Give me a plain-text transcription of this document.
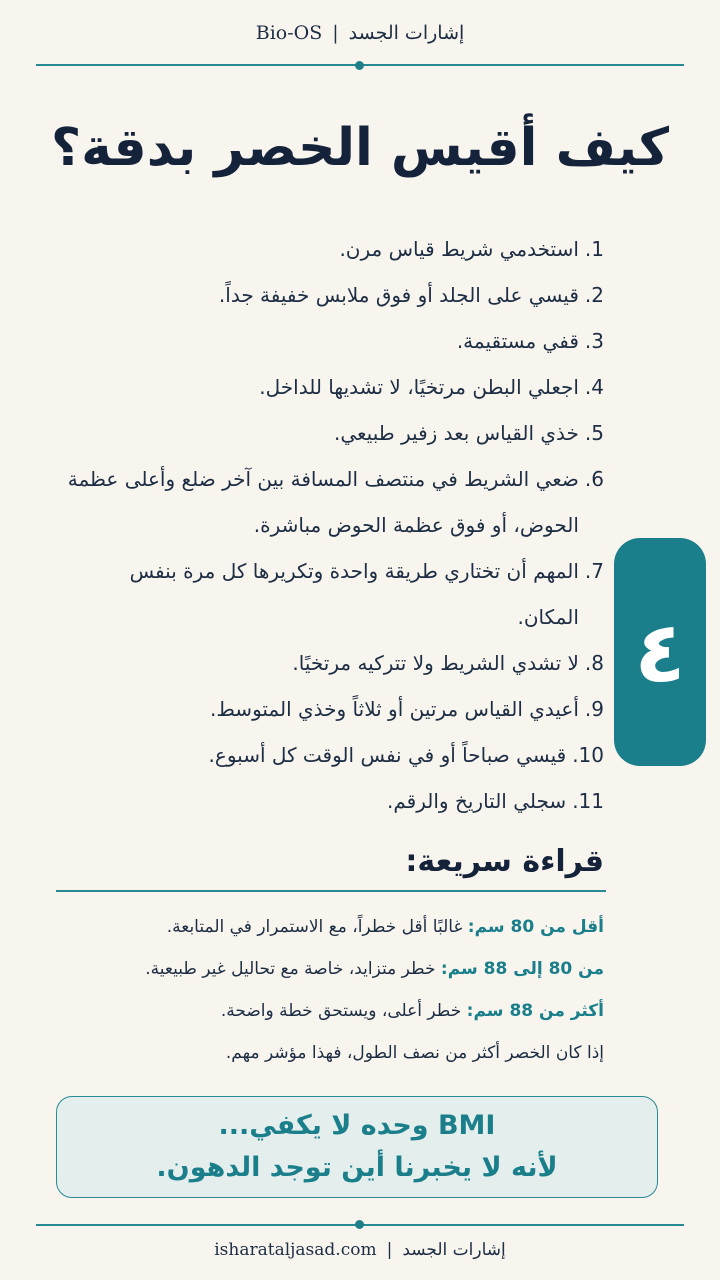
Bio-OS | إشارات الجسد
كيف أقيس الخصر بدقة؟
1.
استخدمي شريط قياس مرن.
2.
قيسي على الجلد أو فوق ملابس خفيفة جداً.
3.
قفي مستقيمة.
4.
اجعلي البطن مرتخيًا، لا تشديها للداخل.
5.
خذي القياس بعد زفير طبيعي.
6.
ضعي الشريط في منتصف المسافة بين آخر ضلع وأعلى عظمة الحوض، أو فوق عظمة الحوض مباشرة.
7.
المهم أن تختاري طريقة واحدة وتكريرها كل مرة بنفس المكان.
8.
لا تشدي الشريط ولا تتركيه مرتخيًا.
9.
أعيدي القياس مرتين أو ثلاثاً وخذي المتوسط.
10.
قيسي صباحاً أو في نفس الوقت كل أسبوع.
11.
سجلي التاريخ والرقم.
٤
قراءة سريعة:
أقل من 80 سم: غالبًا أقل خطراً، مع الاستمرار في المتابعة.
من 80 إلى 88 سم: خطر متزايد، خاصة مع تحاليل غير طبيعية.
أكثر من 88 سم: خطر أعلى، ويستحق خطة واضحة.
إذا كان الخصر أكثر من نصف الطول، فهذا مؤشر مهم.
BMI وحده لا يكفي...
لأنه لا يخبرنا أين توجد الدهون.
isharataljasad.com | إشارات الجسد
